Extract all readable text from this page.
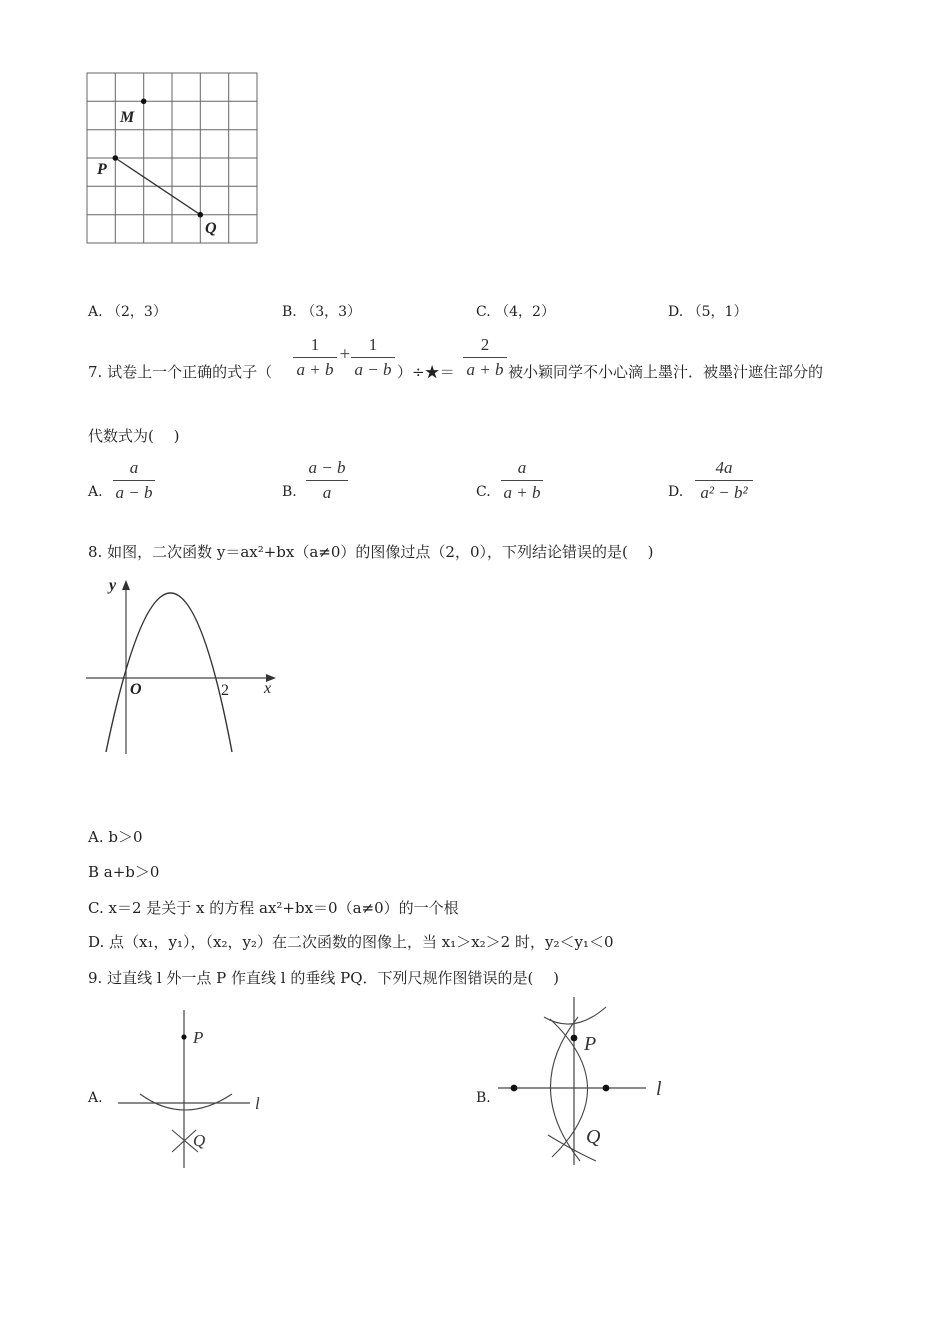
M
P
Q
A. （2，3）	B. （3，3）	C. （4，2）	D. （5，1）
7. 试卷上一个正确的式子（ $\frac{1}{a + b} + \frac{1}{a - b}$ ）÷★＝ $\frac{2}{a + b}$ 被小颖同学不小心滴上墨汁．被墨汁遮住部分的
代数式为(　 )
A. $\frac{a}{a - b}$	B. $\frac{a - b}{a}$	C. $\frac{a}{a + b}$	D. $\frac{4a}{\text{a² − b²}}$
8. 如图，二次函数 y＝ax²+bx（a≠0）的图像过点（2，0），下列结论错误的是(　 )
y
x
O	2
A. b＞0
B a+b＞0
C. x＝2 是关于 x 的方程 ax²+bx＝0（a≠0）的一个根
D. 点（x₁，y₁），（x₂，y₂）在二次函数的图像上，当 x₁＞x₂＞2 时，y₂＜y₁＜0
9. 过直线 l 外一点 P 作直线 l 的垂线 PQ．下列尺规作图错误的是(　 )
A.
P
Q
l	B.
P
Q
l
